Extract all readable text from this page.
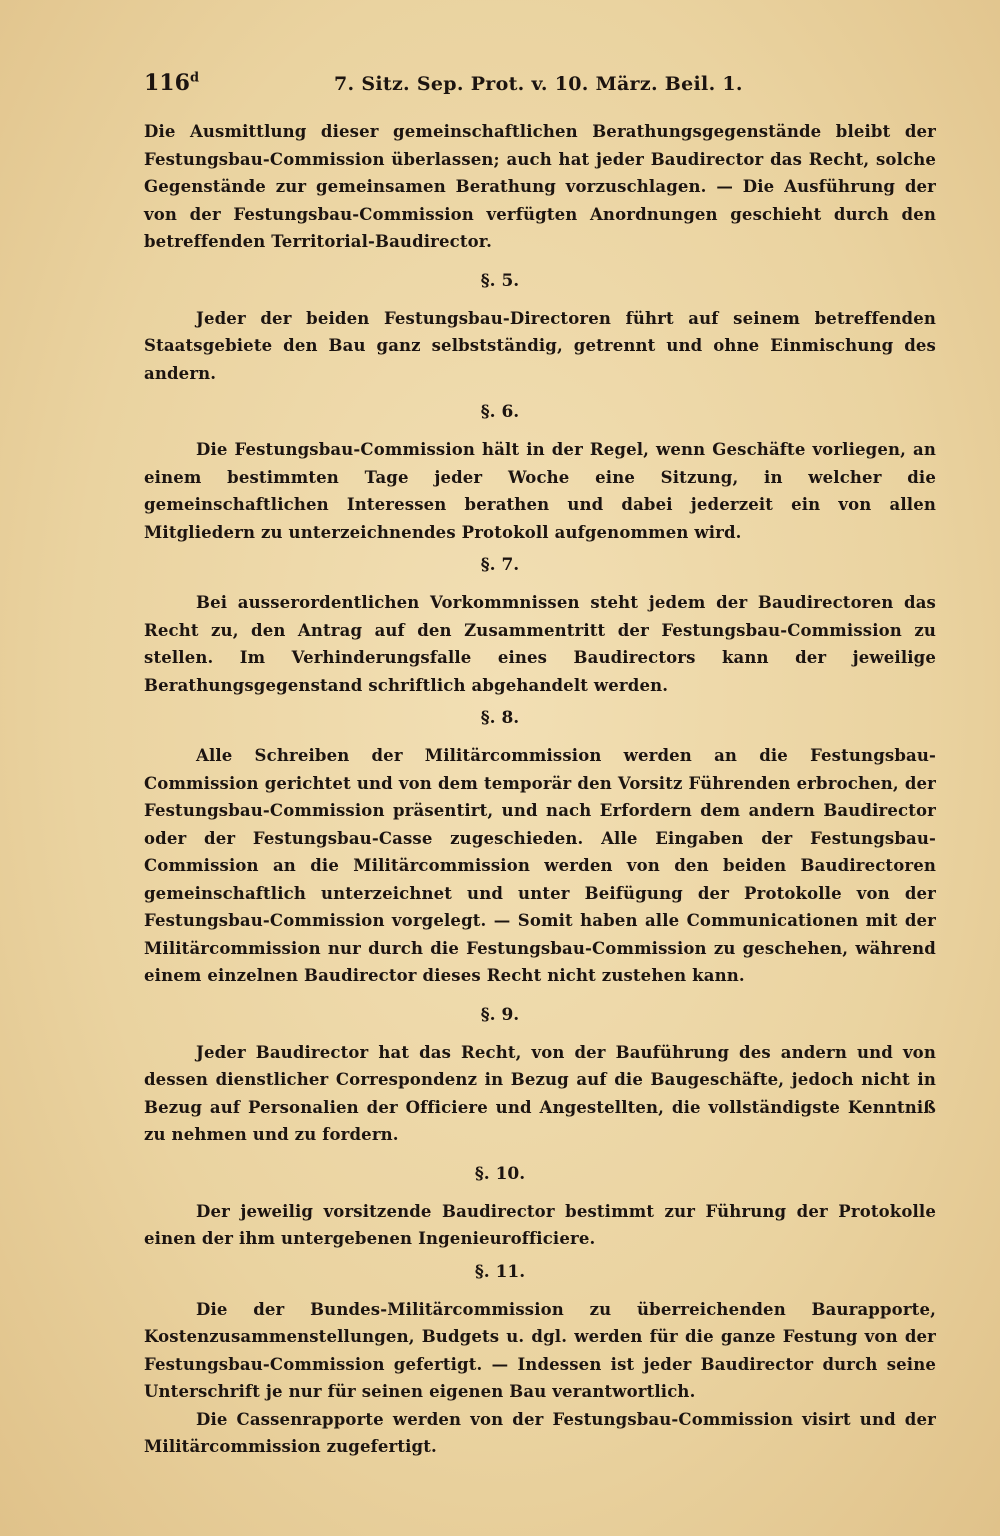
116$^d$	7. Sitz. Sep. Prot. v. 10. März. Beil. 1.

Die Ausmittlung dieser gemeinschaftlichen Berathungsgegenstände bleibt der Festungsbau-Commission überlassen; auch hat jeder Baudirector das Recht, solche Gegenstände zur gemeinsamen Berathung vorzuschlagen. — Die Ausführung der von der Festungsbau-Commission verfügten Anordnungen geschieht durch den betreffenden Territorial-Baudirector.

§. 5.

Jeder der beiden Festungsbau-Directoren führt auf seinem betreffenden Staatsgebiete den Bau ganz selbstständig, getrennt und ohne Einmischung des andern.

§. 6.

Die Festungsbau-Commission hält in der Regel, wenn Geschäfte vorliegen, an einem bestimmten Tage jeder Woche eine Sitzung, in welcher die gemeinschaftlichen Interessen berathen und dabei jederzeit ein von allen Mitgliedern zu unterzeichnendes Protokoll aufgenommen wird.

§. 7.

Bei ausserordentlichen Vorkommnissen steht jedem der Baudirectoren das Recht zu, den Antrag auf den Zusammentritt der Festungsbau-Commission zu stellen. Im Verhinderungsfalle eines Baudirectors kann der jeweilige Berathungsgegenstand schriftlich abgehandelt werden.

§. 8.

Alle Schreiben der Militärcommission werden an die Festungsbau-Commission gerichtet und von dem temporär den Vorsitz Führenden erbrochen, der Festungsbau-Commission präsentirt, und nach Erfordern dem andern Baudirector oder der Festungsbau-Casse zugeschieden. Alle Eingaben der Festungsbau-Commission an die Militärcommission werden von den beiden Baudirectoren gemeinschaftlich unterzeichnet und unter Beifügung der Protokolle von der Festungsbau-Commission vorgelegt. — Somit haben alle Communicationen mit der Militärcommission nur durch die Festungsbau-Commission zu geschehen, während einem einzelnen Baudirector dieses Recht nicht zustehen kann.

§. 9.

Jeder Baudirector hat das Recht, von der Bauführung des andern und von dessen dienstlicher Correspondenz in Bezug auf die Baugeschäfte, jedoch nicht in Bezug auf Personalien der Officiere und Angestellten, die vollständigste Kenntniß zu nehmen und zu fordern.

§. 10.

Der jeweilig vorsitzende Baudirector bestimmt zur Führung der Protokolle einen der ihm untergebenen Ingenieurofficiere.

§. 11.

Die der Bundes-Militärcommission zu überreichenden Baurapporte, Kostenzusammenstellungen, Budgets u. dgl. werden für die ganze Festung von der Festungsbau-Commission gefertigt. — Indessen ist jeder Baudirector durch seine Unterschrift je nur für seinen eigenen Bau verantwortlich.

Die Cassenrapporte werden von der Festungsbau-Commission visirt und der Militärcommission zugefertigt.
